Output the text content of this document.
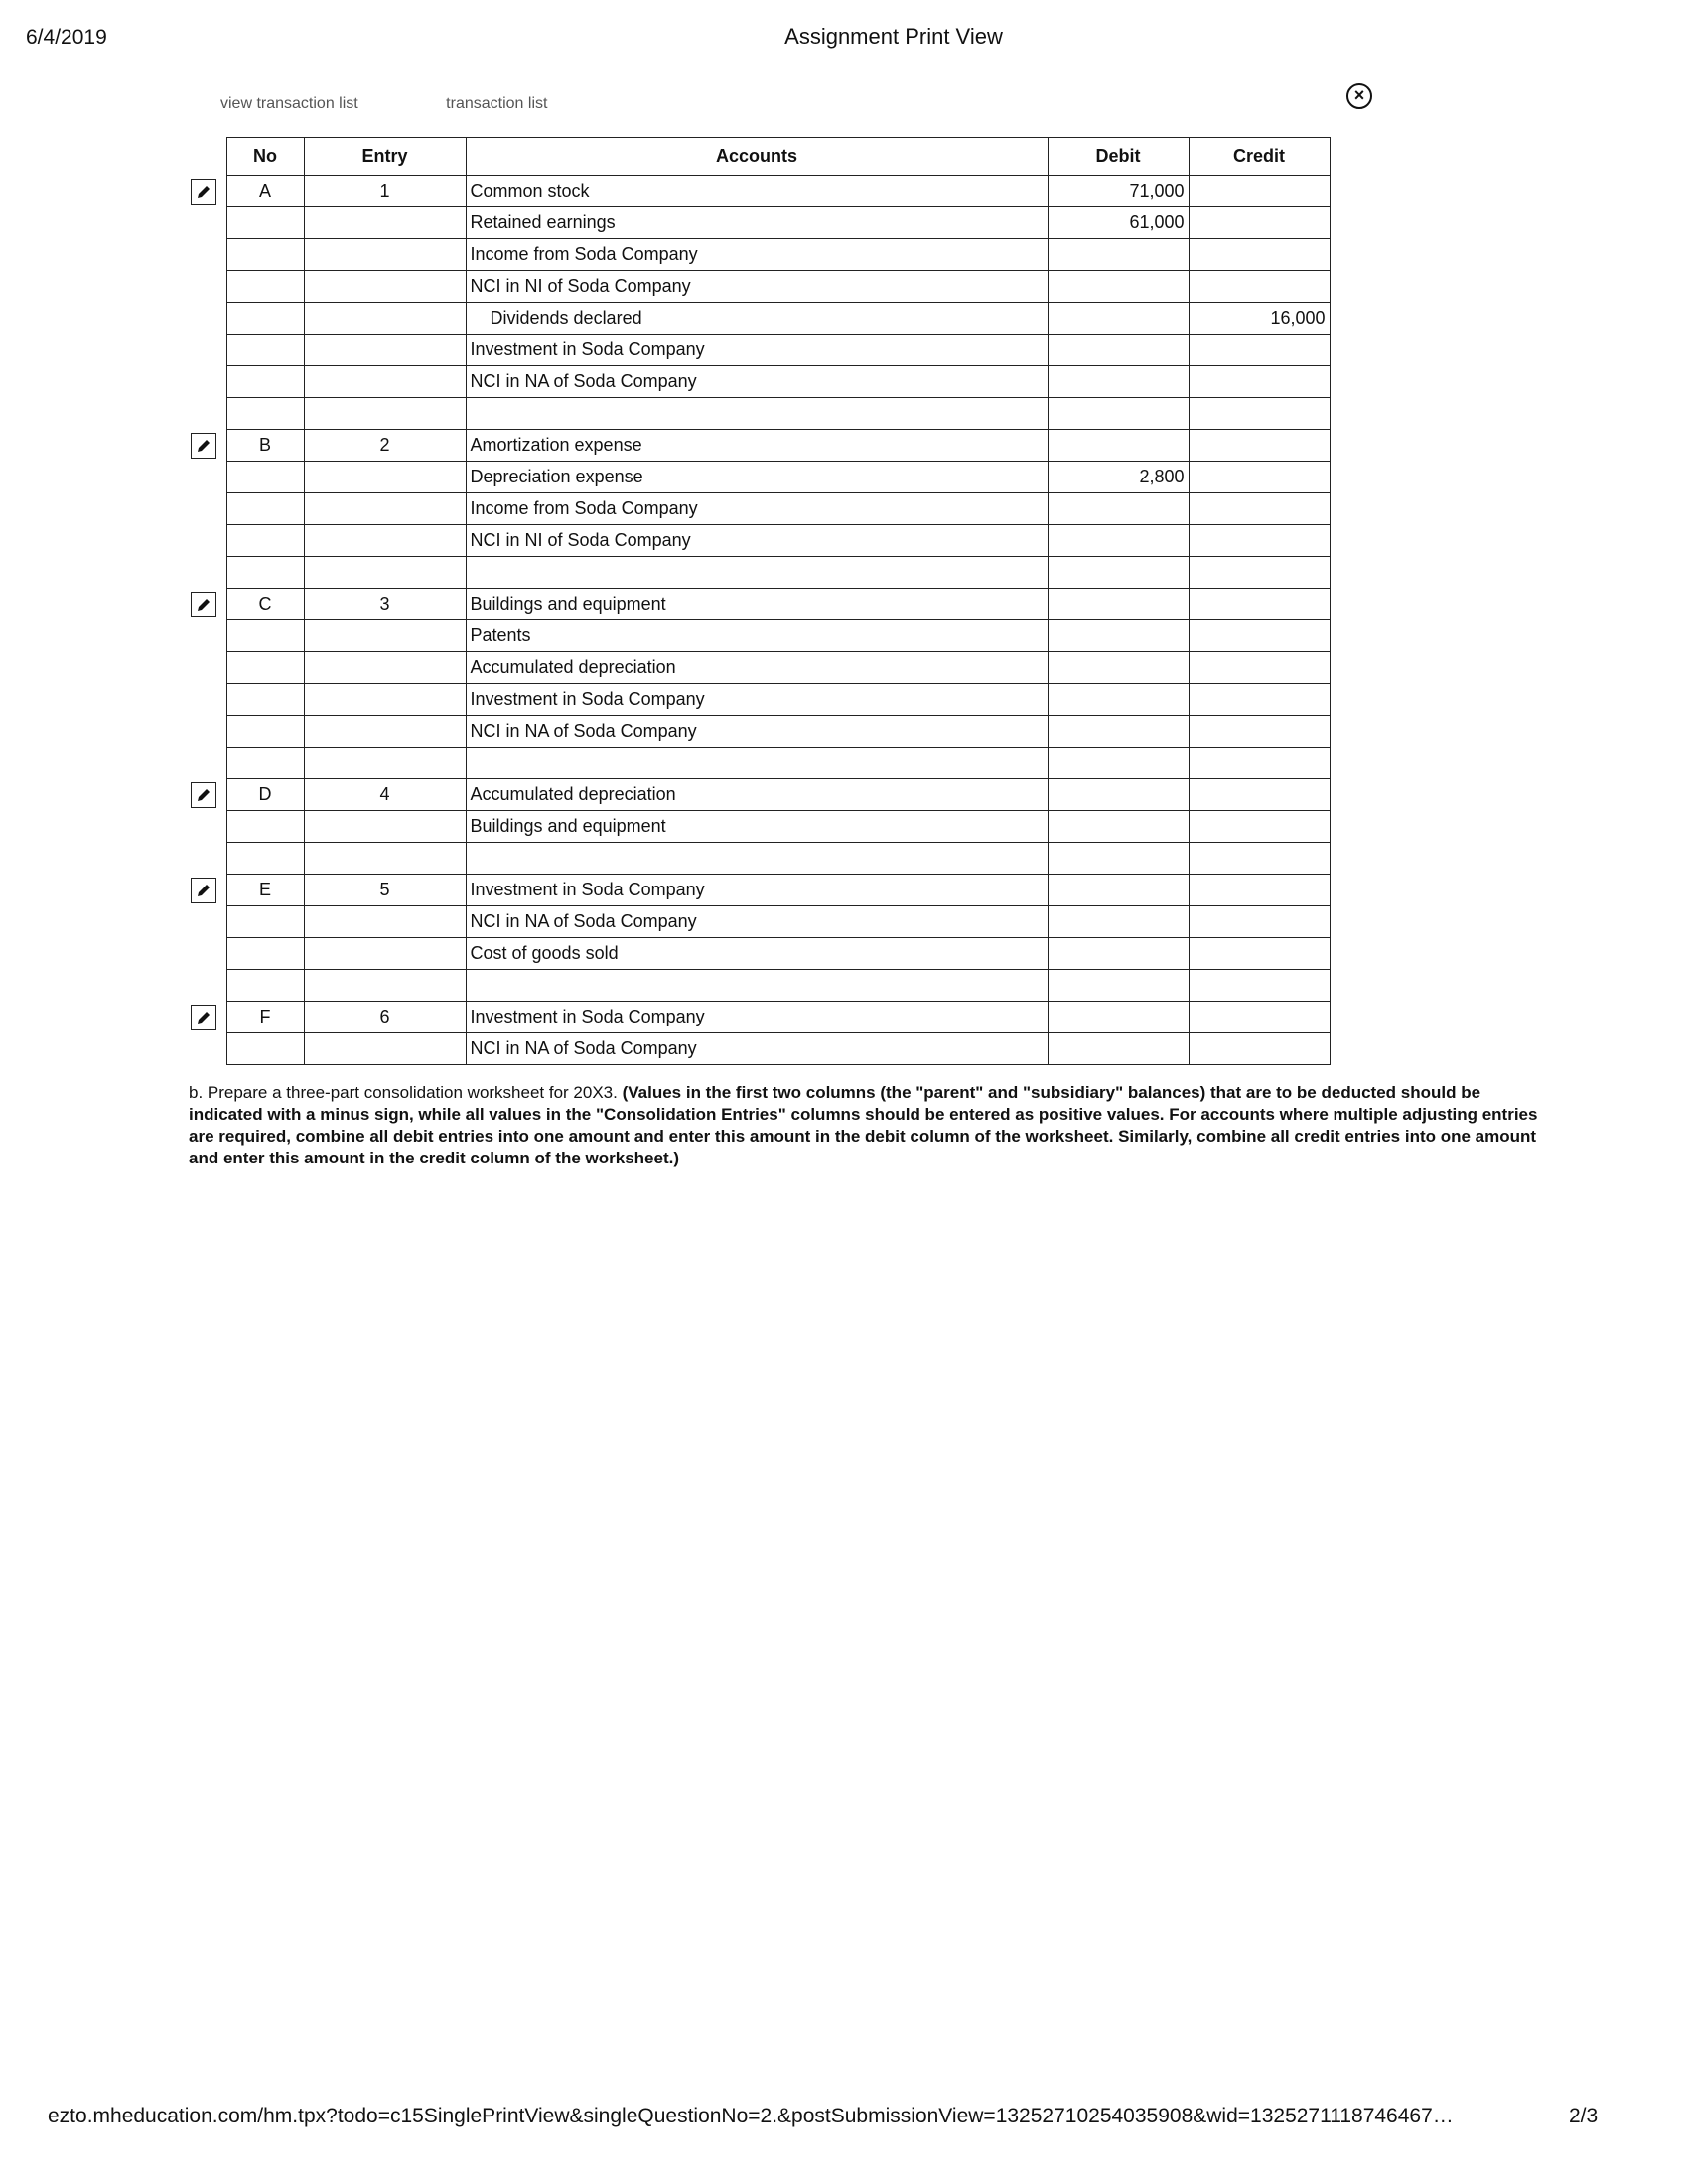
6/4/2019	Assignment Print View
view transaction list	transaction list	×
	No	Entry	Accounts	Debit	Credit

	A	1	Common stock	71,000	
			Retained earnings	61,000	
			Income from Soda Company		
			NCI in NI of Soda Company		
			Dividends declared		16,000
			Investment in Soda Company		
			NCI in NA of Soda Company		

	B	2	Amortization expense		
			Depreciation expense	2,800	
			Income from Soda Company		
			NCI in NI of Soda Company		

	C	3	Buildings and equipment		
			Patents		
			Accumulated depreciation		
			Investment in Soda Company		
			NCI in NA of Soda Company		

	D	4	Accumulated depreciation		
			Buildings and equipment		

	E	5	Investment in Soda Company		
			NCI in NA of Soda Company		
			Cost of goods sold		

	F	6	Investment in Soda Company		
			NCI in NA of Soda Company		
b. Prepare a three-part consolidation worksheet for 20X3. (Values in the first two columns (the "parent" and "subsidiary" balances) that are to be deducted should be indicated with a minus sign, while all values in the "Consolidation Entries" columns should be entered as positive values. For accounts where multiple adjusting entries are required, combine all debit entries into one amount and enter this amount in the debit column of the worksheet. Similarly, combine all credit entries into one amount and enter this amount in the credit column of the worksheet.)
ezto.mheducation.com/hm.tpx?todo=c15SinglePrintView&singleQuestionNo=2.&postSubmissionView=13252710254035908&wid=1325271118746467…	2/3
